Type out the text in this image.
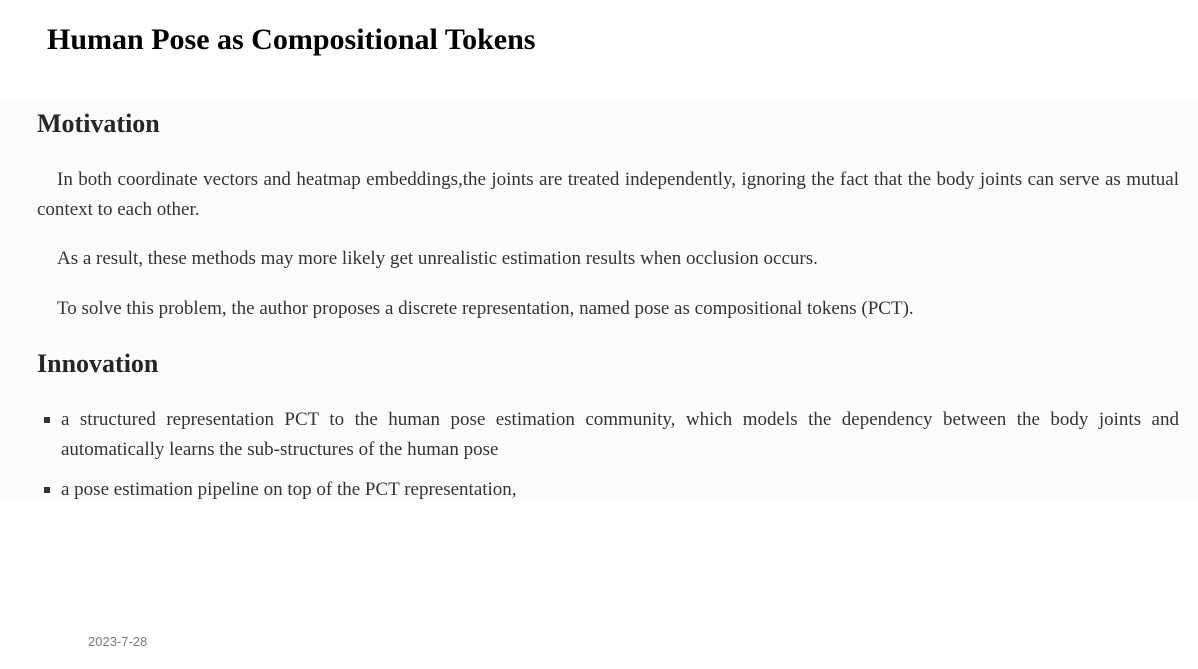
Human Pose as Compositional Tokens
Motivation

In both coordinate vectors and heatmap embeddings,the joints are treated independently, ignoring the fact that the body joints can serve as mutual context to each other.

As a result, these methods may more likely get unrealistic estimation results when occlusion occurs.

To solve this problem, the author proposes a discrete representation, named pose as compositional tokens (PCT).

Innovation
a structured representation PCT to the human pose estimation community, which models the dependency between the body joints and automatically learns the sub-structures of the human pose
a pose estimation pipeline on top of the PCT representation,
2023-7-28
